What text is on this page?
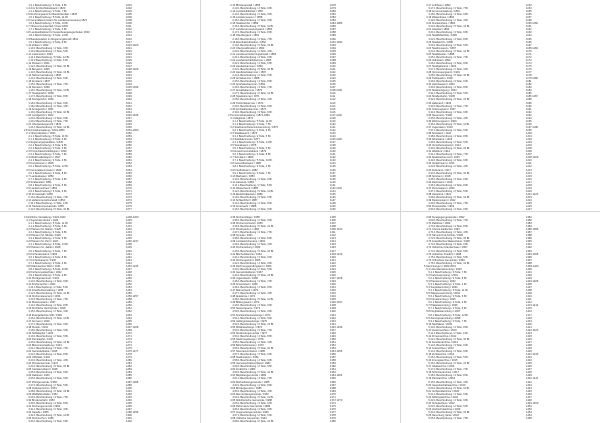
1.3.1 Beschreibung / 4 Teile, 9 Bl.	1001
1.4 Amt für Rechtsbeistand / 1823	1002
1.4.1 Beschreibung / 3 Teile, 7 Bl.	1003
1.5 Rechnungsamt für Baudenkmäler / 1825	1005
1.5.1 Beschreibung / 5 Teile, 11 Bl.	1006
1.6 Generalkommission für Landesvermessung 1827	1008
1.6.1 Beschreibung / 4 Teile, 10 Bl.	1009
1.7 Obervormundschaft / Kreis 1829	1011
1.7.1 Beschreibung / 2 Teile, 6 Bl.	1012
1.8 Landesdirektion für Gewerbeangelegenheiten 1830	1013
1.8.1 Beschreibung / 6 Teile, 14 Bl.	1014
1.9 Baudeputation im Regierungsbezirk 1831	1016
1.9.1 Beschreibung / 3 Teile, 8 Bl.	1017
1.10 Zollamt / 1832	1019 1020
1.10.1 Beschreibung / 4 Teile, 9 Bl.	1021
1.10.2 Beschreibung / 2 Teile, 5 Bl.	1022
1.11 Lotterieamt / 1833	1023
1.11.1 Beschreibung / 5 Teile, 12 Bl.	1024
1.11.2 Beschreibung / 3 Teile, 6 Bl.	1025
1.12 Postamt / 1834	1026
1.12.1 Beschreibung / 4 Teile, 10 Bl.	1027
1.13 Bergamt / 1835	1028 1029
1.13.1 Beschreibung / 6 Teile, 13 Bl.	1030
1.14 Salinenverwaltung / 1836	1031
1.14.1 Beschreibung / 2 Teile, 5 Bl.	1032
1.15 Forstamt / 1837	1033
1.15.1 Beschreibung / 3 Teile, 7 Bl.	1034
1.16 Rentamt / 1838	1035 1036
1.16.1 Beschreibung / 5 Teile, 11 Bl.	1037
1.17 Stadtgericht / 1839	1038
1.17.1 Beschreibung / 4 Teile, 8 Bl.	1039
1.18 Kreisgericht / 1840	1040
1.18.1 Beschreibung / 3 Teile, 6 Bl.	1041
1.18.2 Beschreibung / 2 Teile, 4 Bl.	1042
1.19 Amtsgericht / 1841	1043
1.19.1 Beschreibung / 5 Teile, 10 Bl.	1044
1.20 Landgericht / 1842	1045 1046
1.20.1 Beschreibung / 4 Teile, 9 Bl.	1047
1.20.2 Beschreibung / 3 Teile, 7 Bl.	1048
1.21 Oberlandesgericht / 1843	1049
1.21.1 Beschreibung / 6 Teile, 14 Bl.	1050
2 Provinzialverwaltung / 1844-1850	1051-1060
2.1 Oberpräsidium / 1844	1052
2.1.1 Beschreibung / 5 Teile, 11 Bl.	1053
2.1.2 Beschreibung / 3 Teile, 6 Bl.	1054
2.2 Regierungspräsidium / 1845	1055
2.2.1 Beschreibung / 4 Teile, 9 Bl.	1056
2.2.2 Beschreibung / 2 Teile, 5 Bl.	1057
2.3 Provinzialschulkollegium / 1846	1058
2.3.1 Beschreibung / 3 Teile, 7 Bl.	1059
2.4 Medizinalkollegium / 1847	1060
2.4.1 Beschreibung / 2 Teile, 4 Bl.	1061
2.5 Konsistorium / 1848	1062
2.5.1 Beschreibung / 5 Teile, 12 Bl.	1063
2.6 Generalkommission / 1849	1064
2.6.1 Beschreibung / 4 Teile, 8 Bl.	1065
2.7 Landeskasse / 1850	1066
2.7.1 Beschreibung / 3 Teile, 6 Bl.	1067
2.8 Strafanstalt / 1851	1068
2.8.1 Beschreibung / 2 Teile, 5 Bl.	1069
2.9 Landarmenhaus / 1852	1070
2.9.1 Beschreibung / 4 Teile, 9 Bl.	1071
2.10 Irrenanstalt / 1853	1072
2.10.1 Beschreibung / 3 Teile, 7 Bl.	1073
2.11 Hebammenlehranstalt / 1854	1074
2.11.1 Beschreibung / 2 Teile, 4 Bl.	1075
2.12 Taubstummenanstalt / 1855	1076
2.12.1 Beschreibung / 5 Teile, 10 Bl.	1077
2.13 Blindenanstalt / 1856	1078
2.13.1 Beschreibung / 4 Teile, 9 Bl.	1079
2.14 Landesbibliothek / 1857	1080
2.14.1 Beschreibung / 3 Teile, 6 Bl.	1081
2.15 Landesmuseum / 1858	1082
2.15.1 Beschreibung / 2 Teile, 5 Bl.	1083
2.16 Staatsarchiv / 1859	1084 1085
2.16.1 Beschreibung / 5 Teile, 11 Bl.	1086
2.17 Landesvermessungsamt / 1860	1087
2.17.1 Beschreibung / 4 Teile, 8 Bl.	1088
2.18 Oberbergamt / 1861	1089
2.18.1 Beschreibung / 3 Teile, 7 Bl.	1090
2.19 Eisenbahndirektion / 1862	1091 1092
2.19.1 Beschreibung / 6 Teile, 13 Bl.	1093
2.20 Oberpostdirektion / 1863	1094
2.20.1 Beschreibung / 2 Teile, 4 Bl.	1095
2.21 Landesversicherungsanstalt / 1864	1096
2.21.1 Beschreibung / 4 Teile, 9 Bl.	1097
2.22 Landwirtschaftskammer / 1865	1098
2.22.1 Beschreibung / 3 Teile, 6 Bl.	1099
2.23 Handelskammer / 1866	1100
2.23.1 Beschreibung / 5 Teile, 10 Bl.	1101
2.24 Handwerkskammer / 1867	1102
2.24.1 Beschreibung / 2 Teile, 5 Bl.	1103
2.25 Ärztekammer / 1868	1104
2.25.1 Beschreibung / 4 Teile, 8 Bl.	1105
2.26 Apothekerkammer / 1869	1106
2.26.1 Beschreibung / 3 Teile, 7 Bl.	1107
2.27 Anwaltskammer / 1870	1108 1109
2.27.1 Beschreibung / 6 Teile, 12 Bl.	1110
2.28 Notarkammer / 1871	1111
2.28.1 Beschreibung / 2 Teile, 4 Bl.	1112
2.29 Tierärztekammer / 1872	1113
2.29.1 Beschreibung / 4 Teile, 9 Bl.	1114
2.30 Architektenkammer / 1873	1115
2.30.1 Beschreibung / 3 Teile, 6 Bl.	1116
3 Kommunalverwaltung / 1874-1890	1117-1140
3.1 Magistrat / 1874	1118
3.1.1 Beschreibung / 5 Teile, 11 Bl.	1119
3.1.2 Beschreibung / 3 Teile, 7 Bl.	1120
3.2 Stadtverordnetenversammlung / 1875	1121
3.2.1 Beschreibung / 4 Teile, 9 Bl.	1122
3.3 Stadtbauamt / 1876	1123
3.3.1 Beschreibung / 2 Teile, 5 Bl.	1124
3.4 Stadtkämmerei / 1877	1125 1126
3.4.1 Beschreibung / 6 Teile, 14 Bl.	1127
3.5 Standesamt / 1878	1128
3.5.1 Beschreibung / 3 Teile, 6 Bl.	1129
3.6 Einwohnermeldeamt / 1879	1130
3.6.1 Beschreibung / 4 Teile, 8 Bl.	1131
3.7 Schulamt / 1880	1132
3.7.1 Beschreibung / 5 Teile, 10 Bl.	1133
3.8 Gesundheitsamt / 1881	1134
3.8.1 Beschreibung / 2 Teile, 4 Bl.	1135
3.9 Friedhofsamt / 1882	1136
3.9.1 Beschreibung / 3 Teile, 7 Bl.	1137
3.10 Marktamt / 1883	1138
3.10.1 Beschreibung / 4 Teile, 9 Bl.	1139
3.11 Gaswerk / 1884	1140
3.11.1 Beschreibung / 2 Teile, 5 Bl.	1141
3.12 Wasserwerk / 1885	1142 1143
3.12.1 Beschreibung / 5 Teile, 11 Bl.	1144
3.13 Elektrizitätswerk / 1886	1145
3.13.1 Beschreibung / 3 Teile, 6 Bl.	1146
3.14 Schlachthof / 1887	1147
3.14.1 Beschreibung / 4 Teile, 8 Bl.	1148
3.15 Feuerwehr / 1888	1149
3.15.1 Beschreibung / 2 Teile, 5 Bl.	1150
3.17 Leihhaus / 1890	1153
3.17.1 Beschreibung / 3 Teile, 7 Bl.	1154
3.18 Armenverwaltung / 1891	1155
3.18.1 Beschreibung / 4 Teile, 9 Bl.	1156
3.19 Waisenhaus / 1892	1157
3.19.1 Beschreibung / 2 Teile, 4 Bl.	1158
3.20 Krankenhaus / 1893	1159 1160
3.20.1 Beschreibung / 5 Teile, 12 Bl.	1161
3.21 Hospital / 1894	1162
3.21.1 Beschreibung / 3 Teile, 6 Bl.	1163
3.22 Stadtbibliothek / 1895	1164
3.22.1 Beschreibung / 4 Teile, 8 Bl.	1165
3.23 Stadtarchiv / 1896	1166
3.23.1 Beschreibung / 2 Teile, 5 Bl.	1167
3.24 Stadtmuseum / 1897	1168 1169
3.24.1 Beschreibung / 6 Teile, 14 Bl.	1170
3.25 Stadttheater / 1898	1171
3.25.1 Beschreibung / 3 Teile, 7 Bl.	1172
3.26 Volksbad / 1899	1173
3.26.1 Beschreibung / 4 Teile, 9 Bl.	1174
3.27 Stadtgärtnerei / 1900	1175
3.27.1 Beschreibung / 2 Teile, 4 Bl.	1176
3.28 Vermessungsamt / 1901	1177
3.28.1 Beschreibung / 5 Teile, 10 Bl.	1178
3.29 Tiefbauamt / 1902	1179 1180
3.29.1 Beschreibung / 3 Teile, 6 Bl.	1181
3.30 Hochbauamt / 1903	1182
3.30.1 Beschreibung / 4 Teile, 8 Bl.	1183
3.31 Stadtreinigung / 1904	1184
3.31.1 Beschreibung / 2 Teile, 5 Bl.	1185
3.32 Straßenbahn / 1905	1186 1187
3.32.1 Beschreibung / 6 Teile, 13 Bl.	1188
3.33 Hafenamt / 1906	1189
3.33.1 Beschreibung / 3 Teile, 7 Bl.	1190
3.34 Ordnungsamt / 1907	1191
3.34.1 Beschreibung / 4 Teile, 9 Bl.	1192
3.35 Steueramt / 1908	1193
3.35.1 Beschreibung / 2 Teile, 4 Bl.	1194
3.36 Wohnungsamt / 1909	1195
3.36.1 Beschreibung / 5 Teile, 11 Bl.	1196
3.37 Jugendamt / 1910	1197 1198
3.37.1 Beschreibung / 3 Teile, 6 Bl.	1199
3.38 Sozialamt / 1911	1200
3.38.1 Beschreibung / 4 Teile, 8 Bl.	1201
3.39 Arbeitsamt / 1912	1202
3.39.1 Beschreibung / 2 Teile, 5 Bl.	1203
3.40 Versicherungsamt / 1913	1204
3.40.1 Beschreibung / 6 Teile, 12 Bl.	1205
3.41 Wahlamt / 1914	1206
3.41.1 Beschreibung / 3 Teile, 7 Bl.	1207
3.42 Statistisches Amt / 1915	1208 1209
3.42.1 Beschreibung / 4 Teile, 9 Bl.	1210
3.43 Verkehrsamt / 1916	1211
3.43.1 Beschreibung / 2 Teile, 4 Bl.	1212
3.44 Kulturamt / 1917	1213
3.44.1 Beschreibung / 5 Teile, 10 Bl.	1214
3.45 Sportamt / 1918	1215
3.45.1 Beschreibung / 3 Teile, 6 Bl.	1216
3.46 Rechtsamt / 1919	1217
3.46.1 Beschreibung / 4 Teile, 8 Bl.	1218
3.47 Personalamt / 1920	1219
3.47.1 Beschreibung / 2 Teile, 5 Bl.	1220
3.48 Hauptamt / 1921	1221 1222
3.48.1 Beschreibung / 6 Teile, 14 Bl.	1223
3.49 Revisionsamt / 1922	1224
3.49.1 Beschreibung / 3 Teile, 7 Bl.	1225
3.50 Pressestelle / 1923	1226
3.50.1 Beschreibung / 4 Teile, 9 Bl.	1227
4 Kirchliche Verwaltung / 1924-1940	1228-1260
4.1 Superintendentur / 1924	1229
4.1.1 Beschreibung / 5 Teile, 11 Bl.	1230
4.1.2 Beschreibung / 3 Teile, 6 Bl.	1231
4.2 Pfarramt St. Marien / 1925	1232
4.2.1 Beschreibung / 4 Teile, 9 Bl.	1233
4.3 Pfarramt St. Nikolai / 1926	1234
4.3.1 Beschreibung / 2 Teile, 5 Bl.	1235
4.4 Pfarramt St. Petri / 1927	1236 1237
4.4.1 Beschreibung / 6 Teile, 13 Bl.	1238
4.5 Pfarramt St. Jakobi / 1928	1239
4.5.1 Beschreibung / 3 Teile, 7 Bl.	1240
4.6 Kirchenkreisamt / 1929	1241
4.6.1 Beschreibung / 4 Teile, 8 Bl.	1242
4.7 Kirchenbauamt / 1930	1243
4.7.1 Beschreibung / 2 Teile, 4 Bl.	1244
4.8 Diakonisches Werk / 1931	1245 1246
4.8.1 Beschreibung / 5 Teile, 10 Bl.	1247
4.9 Kirchenmusikschule / 1932	1248
4.9.1 Beschreibung / 3 Teile, 6 Bl.	1249
4.10 Predigerseminar / 1933	1250
4.10.1 Beschreibung / 4 Teile, 9 Bl.	1251
4.11 Kirchenarchiv / 1934	1252
4.11.1 Beschreibung / 2 Teile, 5 Bl.	1253
4.12 Friedhofsverwaltung / 1935	1254
4.12.1 Beschreibung / 6 Teile, 12 Bl.	1255
4.13 Kirchensteueramt / 1936	1256 1257
4.13.1 Beschreibung / 3 Teile, 7 Bl.	1258
4.14 Missionswerk / 1937	1259
4.14.1 Beschreibung / 4 Teile, 8 Bl.	1260
4.15 Kirchliche Hochschule / 1938	1261
4.15.1 Beschreibung / 2 Teile, 4 Bl.	1262
4.16 Evangelisches Stift / 1939	1263
4.16.1 Beschreibung / 5 Teile, 11 Bl.	1264
4.17 Konvent / 1940	1265
4.17.1 Beschreibung / 3 Teile, 6 Bl.	1266
4.18 Kloster / 1941	1267 1268
4.18.1 Beschreibung / 4 Teile, 9 Bl.	1269
4.19 Stiftskapitel / 1942	1270
4.19.1 Beschreibung / 2 Teile, 5 Bl.	1271
4.20 Domkapitel / 1943	1272
4.20.1 Beschreibung / 6 Teile, 14 Bl.	1273
4.21 Bistumsverwaltung / 1944	1274
4.21.1 Beschreibung / 3 Teile, 7 Bl.	1275
4.22 Generalvikariat / 1945	1276 1277
4.22.1 Beschreibung / 4 Teile, 8 Bl.	1278
4.23 Offizialat / 1946	1279
4.23.1 Beschreibung / 2 Teile, 4 Bl.	1280
4.24 Priesterseminar / 1947	1281
4.24.1 Beschreibung / 5 Teile, 10 Bl.	1282
4.25 Caritasverband / 1948	1283
4.25.1 Beschreibung / 3 Teile, 6 Bl.	1284
4.26 Dekanat / 1949	1285
4.26.1 Beschreibung / 4 Teile, 9 Bl.	1286
4.27 Pfarrgemeinde / 1950	1287 1288
4.27.1 Beschreibung / 2 Teile, 5 Bl.	1289
4.28 Ordensprovinz / 1951	1290
4.28.1 Beschreibung / 6 Teile, 13 Bl.	1291
4.29 Wallfahrtsstätte / 1952	1292
4.29.1 Beschreibung / 3 Teile, 7 Bl.	1293
4.30 Bruderschaft / 1953	1294
4.30.1 Beschreibung / 4 Teile, 8 Bl.	1295
4.31 Kirchengemeinde / 1954	1296
4.31.1 Beschreibung / 2 Teile, 4 Bl.	1297
4.32 Kapelle / 1955	1298 1299
4.32.1 Beschreibung / 5 Teile, 11 Bl.	1300
4.33 Kirchenchor / 1956	1301
4.33.1 Beschreibung / 3 Teile, 6 Bl.	1302
4.35 Kirchenpflege / 1958	1305
4.35.1 Beschreibung / 2 Teile, 5 Bl.	1306
4.36 Kirchenvorstand / 1959	1307
4.36.1 Beschreibung / 6 Teile, 12 Bl.	1308
4.37 Presbyterium / 1960	1309 1310
4.37.1 Beschreibung / 3 Teile, 7 Bl.	1311
4.38 Synode / 1961	1312
4.38.1 Beschreibung / 4 Teile, 8 Bl.	1313
4.39 Landeskirchenamt / 1962	1314
4.39.1 Beschreibung / 2 Teile, 4 Bl.	1315
4.40 Kirchenleitung / 1963	1316
4.40.1 Beschreibung / 5 Teile, 10 Bl.	1317
4.41 Bischofskanzlei / 1964	1318 1319
4.41.1 Beschreibung / 3 Teile, 6 Bl.	1320
4.42 Kirchengericht / 1965	1321
4.42.1 Beschreibung / 4 Teile, 9 Bl.	1322
4.43 Rechnungsprüfungsamt / 1966	1323
4.43.1 Beschreibung / 2 Teile, 5 Bl.	1324
4.44 Gemeindedienst / 1967	1325
4.44.1 Beschreibung / 6 Teile, 14 Bl.	1326
4.45 Jugendwerk / 1968	1327 1328
4.45.1 Beschreibung / 3 Teile, 7 Bl.	1329
4.46 Frauenwerk / 1969	1330
4.46.1 Beschreibung / 4 Teile, 8 Bl.	1331
4.47 Männerwerk / 1970	1332
4.47.1 Beschreibung / 2 Teile, 4 Bl.	1333
4.48 Akademie / 1971	1334
4.48.1 Beschreibung / 5 Teile, 11 Bl.	1335
4.49 Bildungswerk / 1972	1336 1337
4.49.1 Beschreibung / 3 Teile, 6 Bl.	1338
4.50 Seelsorgeamt / 1973	1339
4.50.1 Beschreibung / 4 Teile, 9 Bl.	1340
4.51 Krankenhausseelsorge / 1974	1341
4.51.1 Beschreibung / 2 Teile, 5 Bl.	1342
4.52 Gefängnisseelsorge / 1975	1343
4.52.1 Beschreibung / 6 Teile, 13 Bl.	1344
4.53 Militärseelsorge / 1976	1345 1346
4.53.1 Beschreibung / 3 Teile, 7 Bl.	1347
4.54 Studentengemeinde / 1977	1348
4.54.1 Beschreibung / 4 Teile, 8 Bl.	1349
4.55 Telefonseelsorge / 1978	1350
4.55.1 Beschreibung / 2 Teile, 4 Bl.	1351
4.56 Bahnhofsmission / 1979	1352
4.56.1 Beschreibung / 5 Teile, 10 Bl.	1353
4.57 Seemannsmission / 1980	1354 1355
4.57.1 Beschreibung / 3 Teile, 6 Bl.	1356
4.58 Stadtmission / 1981	1357
4.58.1 Beschreibung / 4 Teile, 9 Bl.	1358
4.59 Gemeinschaftsverband / 1982	1359
4.59.1 Beschreibung / 2 Teile, 5 Bl.	1360
4.60 Freikirche / 1983	1361
4.60.1 Beschreibung / 6 Teile, 12 Bl.	1362
4.61 Baptistengemeinde / 1984	1363 1364
4.61.1 Beschreibung / 3 Teile, 7 Bl.	1365
4.62 Methodistengemeinde / 1985	1366
4.62.1 Beschreibung / 4 Teile, 8 Bl.	1367
4.63 Brüdergemeine / 1986	1368
4.63.1 Beschreibung / 2 Teile, 4 Bl.	1369
4.64 Mennonitengemeinde / 1987	1370
4.64.1 Beschreibung / 5 Teile, 11 Bl.	1371
4.65 Altlutherische Gemeinde / 1988	1372 1373
4.65.1 Beschreibung / 3 Teile, 6 Bl.	1374
4.66 Reformierte Gemeinde / 1989	1375
4.66.1 Beschreibung / 4 Teile, 9 Bl.	1376
4.67 Hugenottengemeinde / 1990	1377
4.67.1 Beschreibung / 2 Teile, 5 Bl.	1378
4.68 Jüdische Gemeinde / 1991	1379
4.68.1 Beschreibung / 6 Teile, 13 Bl.	1380
4.69 Synagogengemeinde / 1992	1381
4.69.1 Beschreibung / 3 Teile, 7 Bl.	1382
4.70 Rabbinat / 1993	1383
4.70.1 Beschreibung / 4 Teile, 8 Bl.	1384
4.71 Chevra Kadischa / 1994	1385 1386
4.71.1 Beschreibung / 2 Teile, 4 Bl.	1387
4.72 Talmud-Tora-Schule / 1995	1388
4.72.1 Beschreibung / 5 Teile, 10 Bl.	1389
4.73 Israelitisches Waisenhaus / 1996	1390
4.73.1 Beschreibung / 3 Teile, 6 Bl.	1391
4.74 Jüdisches Krankenhaus / 1997	1392
4.74.1 Beschreibung / 4 Teile, 9 Bl.	1393
4.75 Jüdischer Friedhof / 1998	1394 1395
4.75.1 Beschreibung / 2 Teile, 5 Bl.	1396
4.76 Orthodoxe Gemeinde / 1999	1397
4.76.1 Beschreibung / 6 Teile, 14 Bl.	1398
5 Sammlungen / 2000-2010	1399-1420
5.1 Urkundensammlung / 2000	1400
5.1.1 Beschreibung / 3 Teile, 7 Bl.	1401
5.2 Kartensammlung / 2001	1402
5.2.1 Beschreibung / 4 Teile, 8 Bl.	1403
5.3 Plansammlung / 2002	1404 1405
5.3.1 Beschreibung / 2 Teile, 4 Bl.	1406
5.4 Siegelsammlung / 2003	1407
5.4.1 Beschreibung / 5 Teile, 11 Bl.	1408
5.5 Wappensammlung / 2004	1409
5.5.1 Beschreibung / 3 Teile, 6 Bl.	1410
5.6 Fotosammlung / 2005	1411
5.6.1 Beschreibung / 4 Teile, 9 Bl.	1412
5.7 Plakatsammlung / 2006	1413 1414
5.7.1 Beschreibung / 2 Teile, 5 Bl.	1415
5.8 Flugblattsammlung / 2007	1416
5.8.1 Beschreibung / 6 Teile, 12 Bl.	1417
5.9 Zeitungssammlung / 2008	1418
5.9.1 Beschreibung / 3 Teile, 7 Bl.	1419
5.10 Nachlässe / 2009	1420
5.10.1 Beschreibung / 4 Teile, 8 Bl.	1421
5.11 Vereinsarchive / 2010	1422 1423
5.11.1 Beschreibung / 2 Teile, 4 Bl.	1424
5.12 Firmenarchive / 2011	1425
5.12.1 Beschreibung / 5 Teile, 10 Bl.	1426
5.13 Familienarchive / 2012	1427
5.13.1 Beschreibung / 3 Teile, 6 Bl.	1428
5.14 Gutsarchive / 2013	1429
5.14.1 Beschreibung / 4 Teile, 9 Bl.	1430
5.15 Zunftarchive / 2014	1431 1432
5.15.1 Beschreibung / 2 Teile, 5 Bl.	1433
5.16 Innungsarchive / 2015	1434
5.16.1 Beschreibung / 6 Teile, 13 Bl.	1435
5.17 Gildearchive / 2016	1436
5.17.1 Beschreibung / 3 Teile, 7 Bl.	1437
5.18 Schützenarchive / 2017	1438
5.18.1 Beschreibung / 4 Teile, 8 Bl.	1439
5.19 Parteiarchive / 2018	1440 1441
5.19.1 Beschreibung / 2 Teile, 4 Bl.	1442
5.20 Gewerkschaftsarchive / 2019	1443
5.20.1 Beschreibung / 5 Teile, 11 Bl.	1444
5.21 Verbandsarchive / 2020	1445
5.21.1 Beschreibung / 3 Teile, 6 Bl.	1446
5.22 Stiftungsarchive / 2021	1447
5.22.1 Beschreibung / 4 Teile, 9 Bl.	1448
5.23 Schularchive / 2022	1449 1450
5.23.1 Beschreibung / 2 Teile, 5 Bl.	1451
5.24 Hochschularchive / 2023	1452
5.24.1 Beschreibung / 6 Teile, 12 Bl.	1453
5.25 Sammlung Varia / 2024	1454
5.25.1 Beschreibung / 3 Teile, 7 Bl.	1455
